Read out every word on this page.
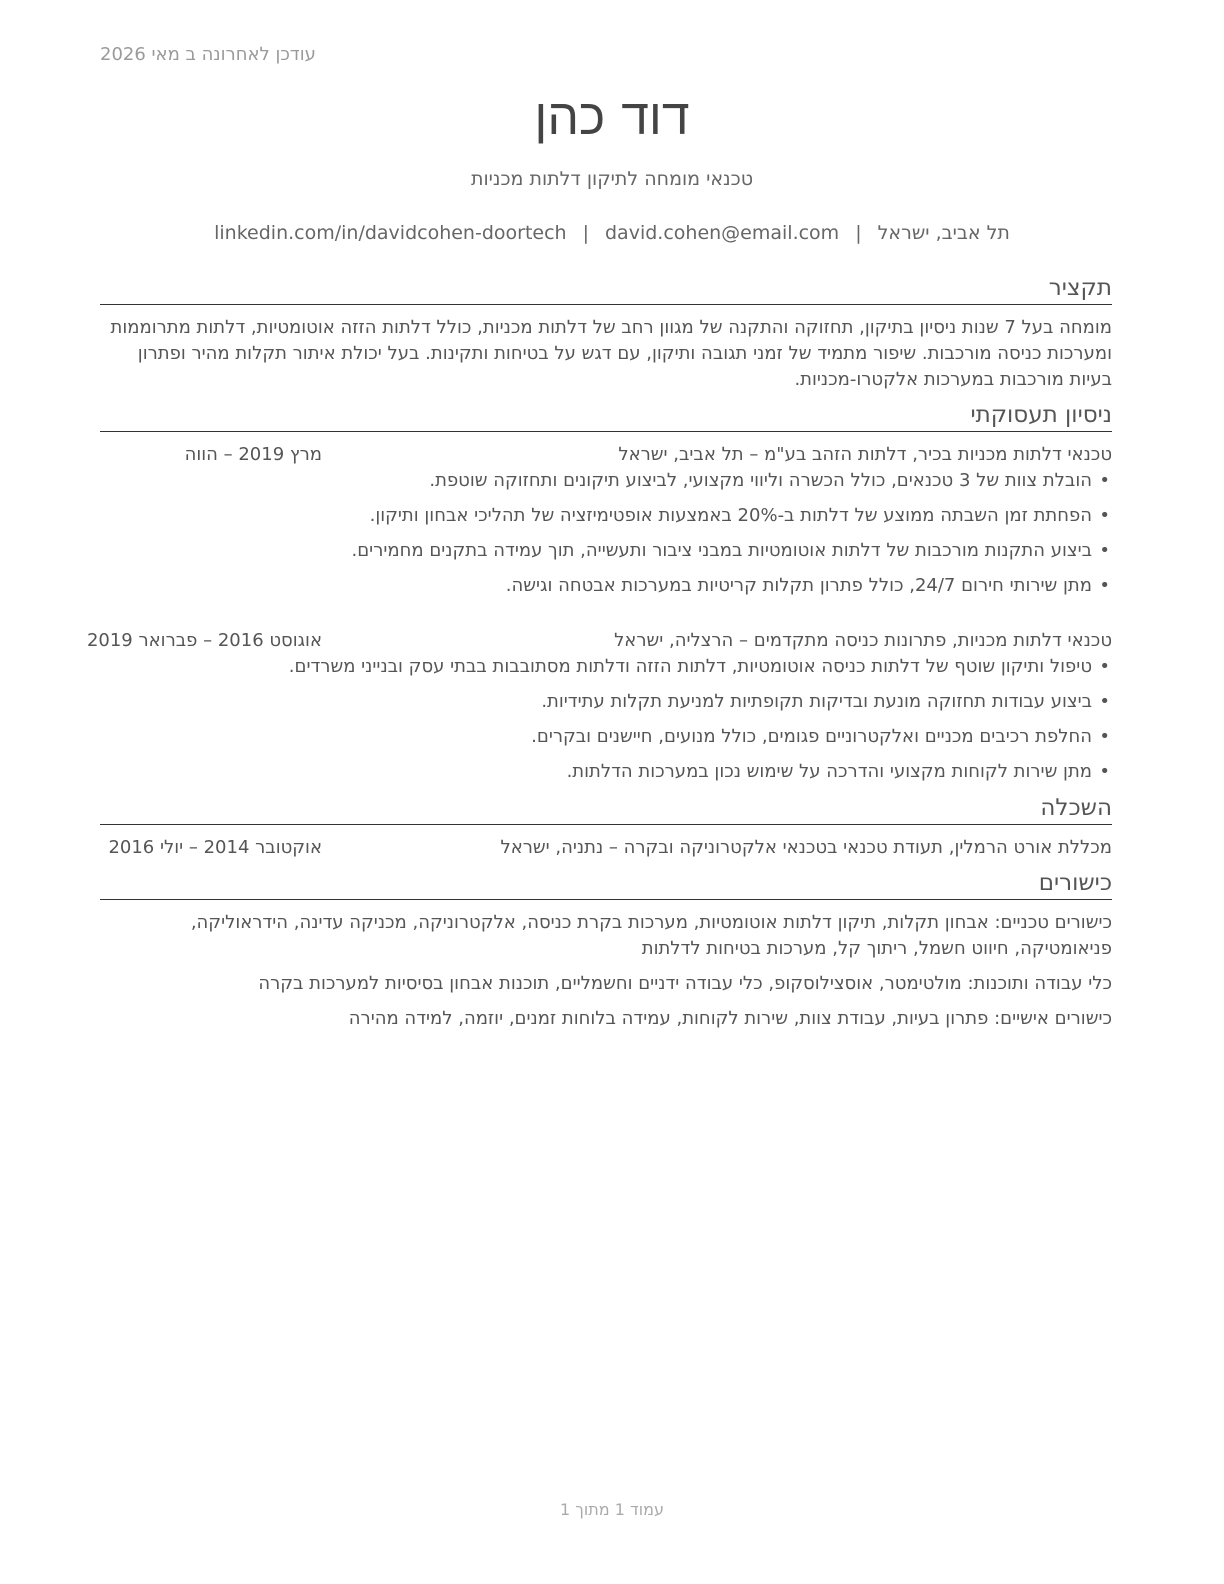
עודכן לאחרונה ב מאי 2026
דוד כהן
טכנאי מומחה לתיקון דלתות מכניות
תל אביב, ישראל|david.cohen@email.com|linkedin.com/in/davidcohen-doortech
תקציר
מומחה בעל 7 שנות ניסיון בתיקון, תחזוקה והתקנה של מגוון רחב של דלתות מכניות, כולל דלתות הזזה אוטומטיות, דלתות מתרוממות ומערכות כניסה מורכבות. שיפור מתמיד של זמני תגובה ותיקון, עם דגש על בטיחות ותקינות. בעל יכולת איתור תקלות מהיר ופתרון בעיות מורכבות במערכות אלקטרו-מכניות.
ניסיון תעסוקתי
טכנאי דלתות מכניות בכיר, דלתות הזהב בע"מ – תל אביב, ישראל
מרץ 2019 – הווה
• הובלת צוות של 3 טכנאים, כולל הכשרה וליווי מקצועי, לביצוע תיקונים ותחזוקה שוטפת.
• הפחתת זמן השבתה ממוצע של דלתות ב-20% באמצעות אופטימיזציה של תהליכי אבחון ותיקון.
• ביצוע התקנות מורכבות של דלתות אוטומטיות במבני ציבור ותעשייה, תוך עמידה בתקנים מחמירים.
• מתן שירותי חירום 24/7, כולל פתרון תקלות קריטיות במערכות אבטחה וגישה.
טכנאי דלתות מכניות, פתרונות כניסה מתקדמים – הרצליה, ישראל
אוגוסט 2016 – פברואר 2019
• טיפול ותיקון שוטף של דלתות כניסה אוטומטיות, דלתות הזזה ודלתות מסתובבות בבתי עסק ובנייני משרדים.
• ביצוע עבודות תחזוקה מונעת ובדיקות תקופתיות למניעת תקלות עתידיות.
• החלפת רכיבים מכניים ואלקטרוניים פגומים, כולל מנועים, חיישנים ובקרים.
• מתן שירות לקוחות מקצועי והדרכה על שימוש נכון במערכות הדלתות.
השכלה
מכללת אורט הרמלין, תעודת טכנאי בטכנאי אלקטרוניקה ובקרה – נתניה, ישראל
אוקטובר 2014 – יולי 2016
כישורים
כישורים טכניים: אבחון תקלות, תיקון דלתות אוטומטיות, מערכות בקרת כניסה, אלקטרוניקה, מכניקה עדינה, הידראוליקה, פניאומטיקה, חיווט חשמל, ריתוך קל, מערכות בטיחות לדלתות
כלי עבודה ותוכנות: מולטימטר, אוסצילוסקופ, כלי עבודה ידניים וחשמליים, תוכנות אבחון בסיסיות למערכות בקרה
כישורים אישיים: פתרון בעיות, עבודת צוות, שירות לקוחות, עמידה בלוחות זמנים, יוזמה, למידה מהירה
עמוד 1 מתוך 1
